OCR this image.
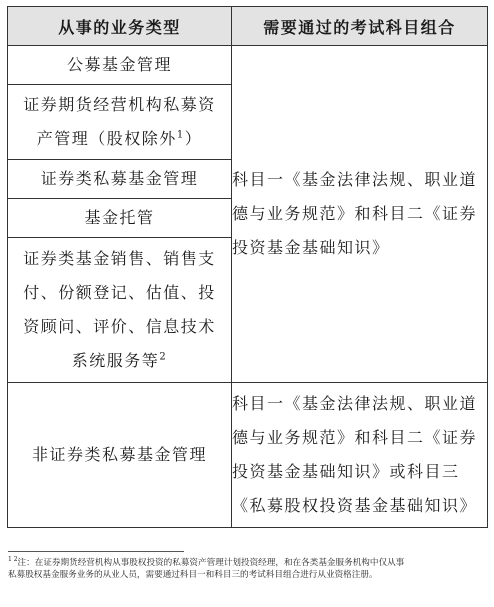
从事的业务类型	需要通过的考试科目组合
公募基金管理	科目一《基金法律法规、职业道
德与业务规范》和科目二《证券
投资基金基础知识》
证券期货经营机构私募资
产管理（股权除外$^1$）	
证券类私募基金管理	
基金托管	
证券类基金销售、销售支
付、份额登记、估值、投
资顾问、评价、信息技术
系统服务等$^2$
非证券类私募基金管理	科目一《基金法律法规、职业道
德与业务规范》和科目二《证券
投资基金基础知识》或科目三
《私募股权投资基金基础知识》
$^{1 2}$注：在证券期货经营机构从事股权投资的私募资产管理计划投资经理，和在各类基金服务机构中仅从事
私募股权基金服务业务的从业人员，需要通过科目一和科目三的考试科目组合进行从业资格注册。
